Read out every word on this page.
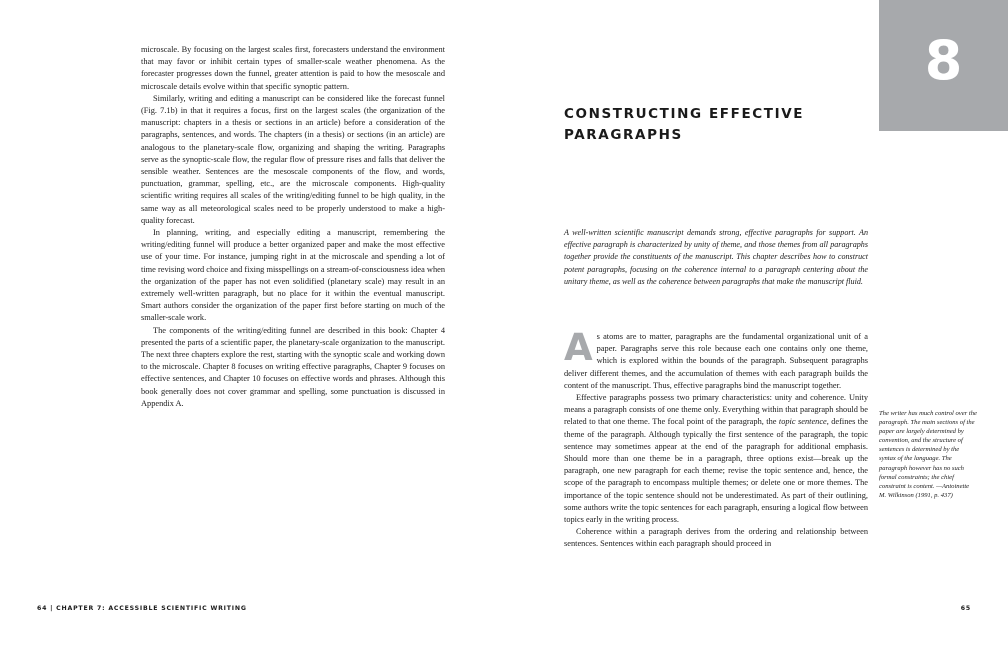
microscale. By focusing on the largest scales first, forecasters understand the environment that may favor or inhibit certain types of smaller-scale weather phenomena. As the forecaster progresses down the funnel, greater attention is paid to how the mesoscale and microscale details evolve within that specific synoptic pattern.

Similarly, writing and editing a manuscript can be considered like the forecast funnel (Fig. 7.1b) in that it requires a focus, first on the largest scales (the organization of the manuscript: chapters in a thesis or sections in an article) before a consideration of the paragraphs, sentences, and words. The chapters (in a thesis) or sections (in an article) are analogous to the planetary-scale flow, organizing and shaping the writing. Paragraphs serve as the synoptic-scale flow, the regular flow of pressure rises and falls that deliver the sensible weather. Sentences are the mesoscale components of the flow, and words, punctuation, grammar, spelling, etc., are the microscale components. High-quality scientific writing requires all scales of the writing/editing funnel to be high quality, in the same way as all meteorological scales need to be properly understood to make a high-quality forecast.

In planning, writing, and especially editing a manuscript, remembering the writing/editing funnel will produce a better organized paper and make the most effective use of your time. For instance, jumping right in at the microscale and spending a lot of time revising word choice and fixing misspellings on a stream-of-consciousness idea when the organization of the paper has not even solidified (planetary scale) may result in an extremely well-written paragraph, but no place for it within the eventual manuscript. Smart authors consider the organization of the paper first before starting on much of the smaller-scale work.

The components of the writing/editing funnel are described in this book: Chapter 4 presented the parts of a scientific paper, the planetary-scale organization to the manuscript. The next three chapters explore the rest, starting with the synoptic scale and working down to the microscale. Chapter 8 focuses on writing effective paragraphs, Chapter 9 focuses on effective sentences, and Chapter 10 focuses on effective words and phrases. Although this book generally does not cover grammar and spelling, some punctuation is discussed in Appendix A.

64 | CHAPTER 7: ACCESSIBLE SCIENTIFIC WRITING
8
CONSTRUCTING EFFECTIVE
PARAGRAPHS
A well-written scientific manuscript demands strong, effective paragraphs for support. An effective paragraph is characterized by unity of theme, and those themes from all paragraphs together provide the constituents of the manuscript. This chapter describes how to construct potent paragraphs, focusing on the coherence internal to a paragraph centering about the unitary theme, as well as the coherence between paragraphs that make the manuscript fluid.

As atoms are to matter, paragraphs are the fundamental organizational unit of a paper. Paragraphs serve this role because each one contains only one theme, which is explored within the bounds of the paragraph. Subsequent paragraphs deliver different themes, and the accumulation of themes with each paragraph builds the content of the manuscript. Thus, effective paragraphs bind the manuscript together.

Effective paragraphs possess two primary characteristics: unity and coherence. Unity means a paragraph consists of one theme only. Everything within that paragraph should be related to that one theme. The focal point of the paragraph, the topic sentence, defines the theme of the paragraph. Although typically the first sentence of the paragraph, the topic sentence may sometimes appear at the end of the paragraph for additional emphasis. Should more than one theme be in a paragraph, three options exist—break up the paragraph, one new paragraph for each theme; revise the topic sentence and, hence, the scope of the paragraph to encompass multiple themes; or delete one or more themes. The importance of the topic sentence should not be underestimated. As part of their outlining, some authors write the topic sentences for each paragraph, ensuring a logical flow between topics early in the writing process.

Coherence within a paragraph derives from the ordering and relationship between sentences. Sentences within each paragraph should proceed in

The writer has much control over the paragraph. The main sections of the paper are largely determined by convention, and the structure of sentences is determined by the syntax of the language. The paragraph however has no such formal constraints; the chief constraint is content. —Antoinette M. Wilkinson (1991, p. 437)
65
